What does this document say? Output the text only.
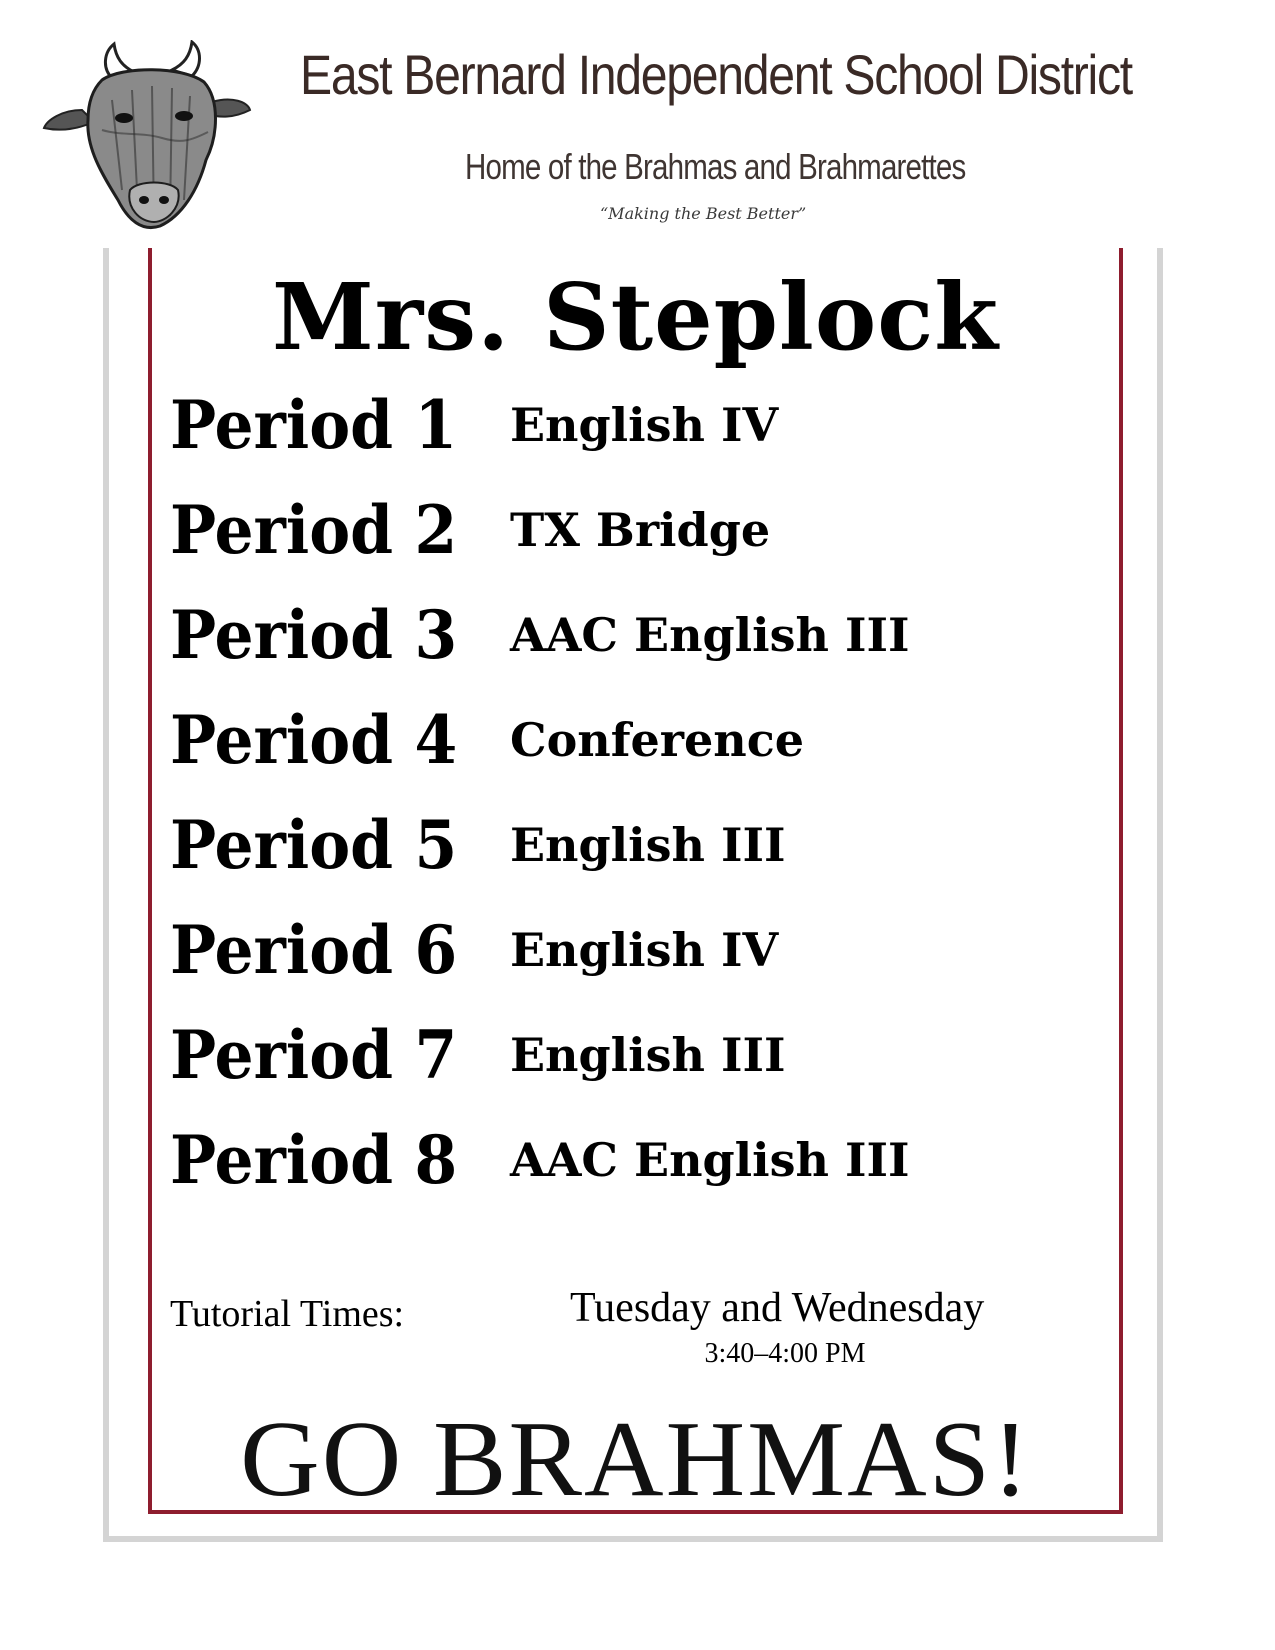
East Bernard Independent School District
Home of the Brahmas and Brahmarettes
“Making the Best Better”
Mrs. Steplock
Period 1 English IV
Period 2 TX Bridge
Period 3 AAC English III
Period 4 Conference
Period 5 English III
Period 6 English IV
Period 7 English III
Period 8 AAC English III
Tutorial Times:	Tuesday and Wednesday
3:40–4:00 PM
GO BRAHMAS!
